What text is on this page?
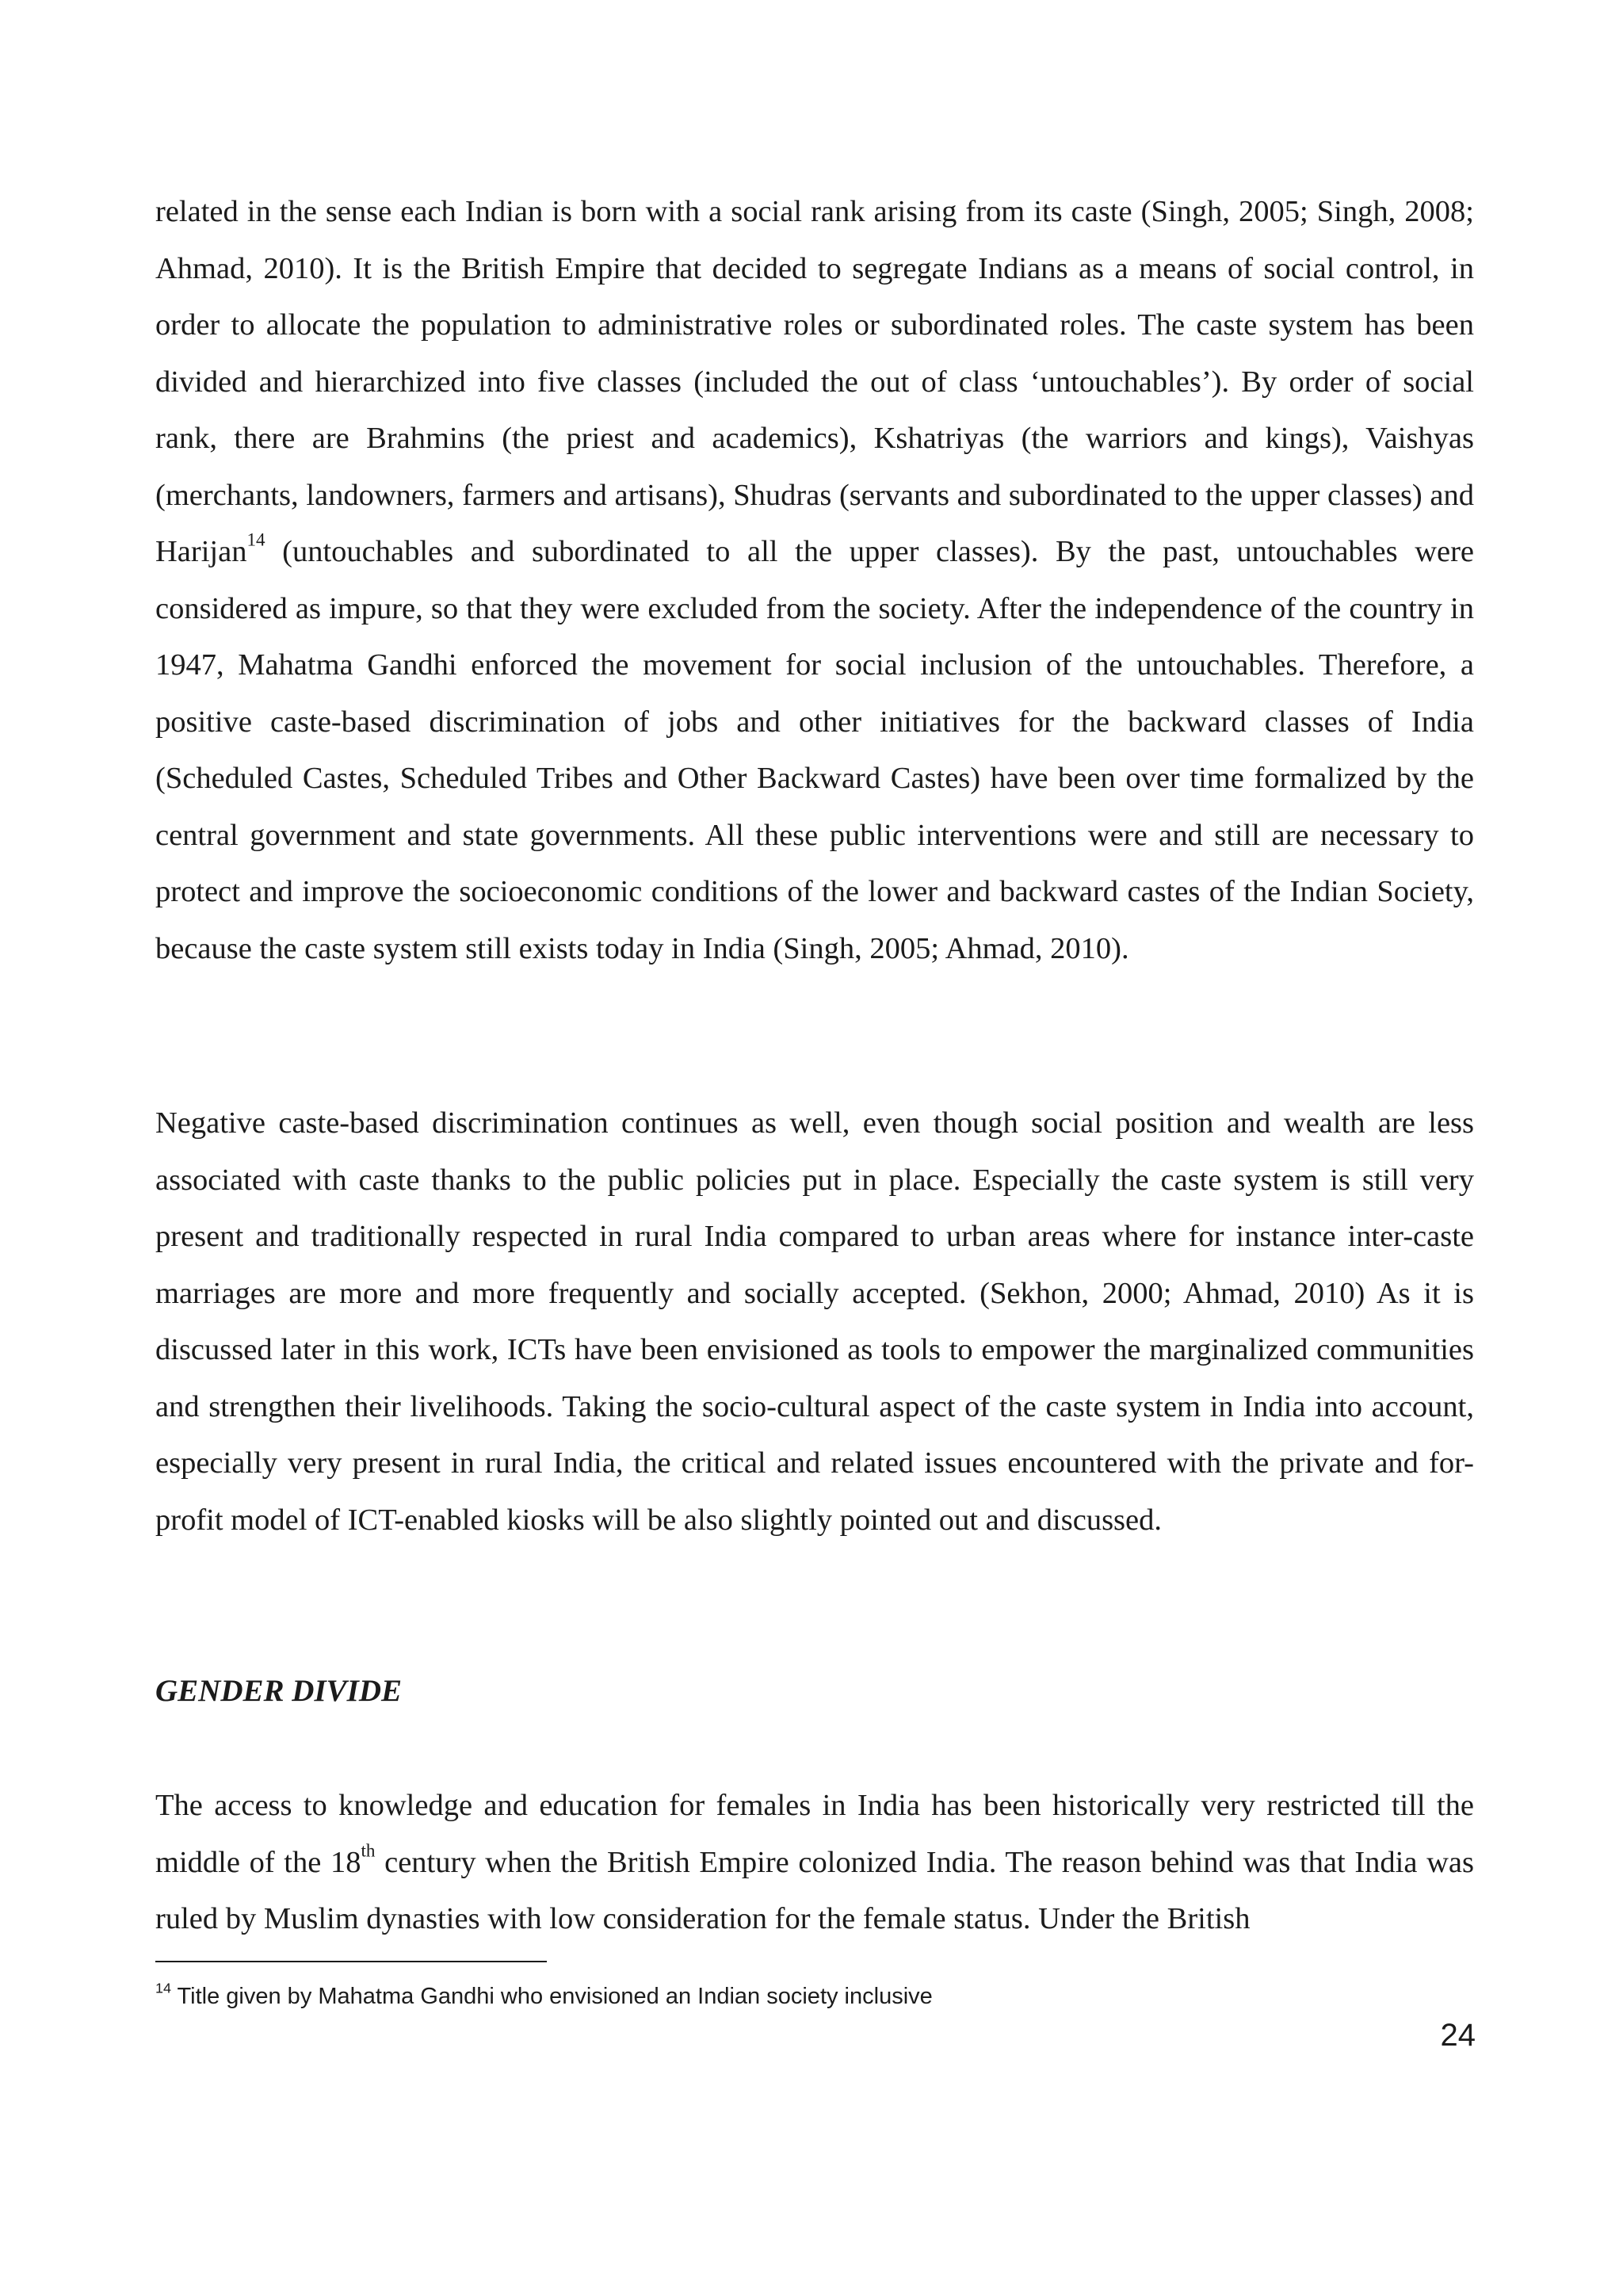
related in the sense each Indian is born with a social rank arising from its caste (Singh, 2005; Singh, 2008; Ahmad, 2010). It is the British Empire that decided to segregate Indians as a means of social control, in order to allocate the population to administrative roles or subordinated roles. The caste system has been divided and hierarchized into five classes (included the out of class ‘untouchables’). By order of social rank, there are Brahmins (the priest and academics), Kshatriyas (the warriors and kings), Vaishyas (merchants, landowners, farmers and artisans), Shudras (servants and subordinated to the upper classes) and Harijan$^{14}$ (untouchables and subordinated to all the upper classes). By the past, untouchables were considered as impure, so that they were excluded from the society. After the independence of the country in 1947, Mahatma Gandhi enforced the movement for social inclusion of the untouchables. Therefore, a positive caste-based discrimination of jobs and other initiatives for the backward classes of India (Scheduled Castes, Scheduled Tribes and Other Backward Castes) have been over time formalized by the central government and state governments. All these public interventions were and still are necessary to protect and improve the socioeconomic conditions of the lower and backward castes of the Indian Society, because the caste system still exists today in India (Singh, 2005; Ahmad, 2010).

Negative caste-based discrimination continues as well, even though social position and wealth are less associated with caste thanks to the public policies put in place. Especially the caste system is still very present and traditionally respected in rural India compared to urban areas where for instance inter-caste marriages are more and more frequently and socially accepted. (Sekhon, 2000; Ahmad, 2010) As it is discussed later in this work, ICTs have been envisioned as tools to empower the marginalized communities and strengthen their livelihoods. Taking the socio-cultural aspect of the caste system in India into account, especially very present in rural India, the critical and related issues encountered with the private and for-profit model of ICT-enabled kiosks will be also slightly pointed out and discussed.

GENDER DIVIDE

The access to knowledge and education for females in India has been historically very restricted till the middle of the 18th century when the British Empire colonized India. The reason behind was that India was ruled by Muslim dynasties with low consideration for the female status. Under the British

$^{14}$ Title given by Mahatma Gandhi who envisioned an Indian society inclusive

24
